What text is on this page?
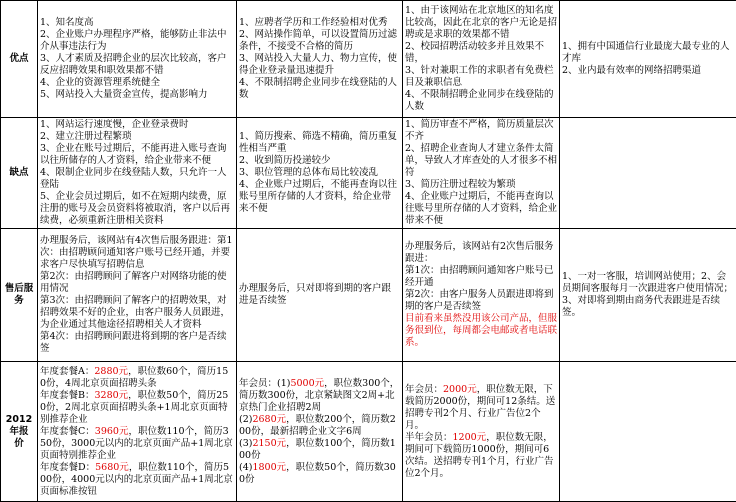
优点	1、知名度高
2、企业账户办理程序严格，能够防止非法中介从事违法行为
3、人才素质及招聘企业的层次比较高，客户反应招聘效果和职效果都不错
4、企业的资源管理系统健全
5、网站投入大量资金宣传，提高影响力	1、应聘者学历和工作经验相对优秀
2、网站操作简单，可以设置简历过滤条件，不接受不合格的简历
3、网站投入大量人力、物力宣传，使得企业登录量迅速提升
4、不限制招聘企业同步在线登陆的人数	1、由于该网站在北京地区的知名度比较高，因此在北京的客户无论是招聘或是求职的效果都不错
2、校园招聘活动较多并且效果不错，
3、针对兼职工作的求职者有免费栏目及兼职信息
4、不限制招聘企业同步在线登陆的人数	1、拥有中国通信行业最庞大最专业的人才库
2、业内最有效率的网络招聘渠道

缺点	1、网站运行速度慢，企业登录费时
2、建立注册过程繁琐
3、企业在账号过期后，不能再进入账号查询以往所储存的人才资料，给企业带来不便
4、限制企业同步在线登陆人数，只允许一人登陆
5、企业会员过期后，如不在短期内续费，原注册的账号及会员资料将被取消，客户以后再续费，必须重新注册相关资料	1、简历搜索、筛选不精确，简历重复性相当严重
2、收到简历投递较少
3、职位管理的总体布局比较凌乱
4、企业账户过期后，不能再查询以往账号里所存储的人才资料，给企业带来不便	1、简历审查不严格，简历质量层次不齐
2、招聘企业查询人才建立条件太简单，导致人才库查处的人才很多不相符
3、简历注册过程较为繁琐
4、企业账户过期后，不能再查询以往账号里所存储的人才资料，给企业带来不便	

售后服务	办理服务后，该网站有4次售后服务跟进：第1次：由招聘顾问通知客户账号已经开通，并要求客户尽快填写招聘信息
第2次：由招聘顾问了解客户对网络功能的使用情况
第3次：由招聘顾问了解客户的招聘效果，对招聘效果不好的企业，由客户服务人员跟进，为企业通过其他途径招聘相关人才资料
第4次：由招聘顾问跟进将到期的客户是否续签	办理服务后，只对即将到期的客户跟进是否续签	办理服务后，该网站有2次售后服务跟进：
第1次：由招聘顾问通知客户账号已经开通
第2次：由客户服务人员跟进即将到期的客户是否续签
目前看来虽然没用该公司产品，但服务很到位，每周都会电邮或者电话联系。	1、一对一客服，培训网站使用；2、会员期间客服每月一次跟进客户使用情况；3、对即将到期由商务代表跟进是否续签。

2012年报
价	年度套餐A：2880元，职位数60个，简历150份，4周北京页面招聘头条
年度套餐B：3280元，职位数50个，简历250份，2周北京页面招聘头条+1周北京页面特别推荐企业
年度套餐C：3960元，职位数110个，简历350份，3000元以内的北京页面产品+1周北京页面特别推荐企业
年度套餐D：5680元，职位数110个，简历500份，4000元以内的北京页面产品+1周北京页面标准按钮	年会员：(1)5000元，职位数300个，简历数300份，北京紧缺图文2周+北京热门企业招聘2周
(2)2680元，职位数200个，简历数200份，最新招聘企业文字6周
(3)2150元，职位数100个，简历数100份
(4)1800元，职位数50个，简历数300份	年会员：2000元，职位数无限，下载简历2000份，期间可12条结。送招聘专刊2个月、行业广告位2个月。
半年会员：1200元，职位数无限，期间可下载简历1000份，期间可6次结。送招聘专刊1个月，行业广告位2个月。	
